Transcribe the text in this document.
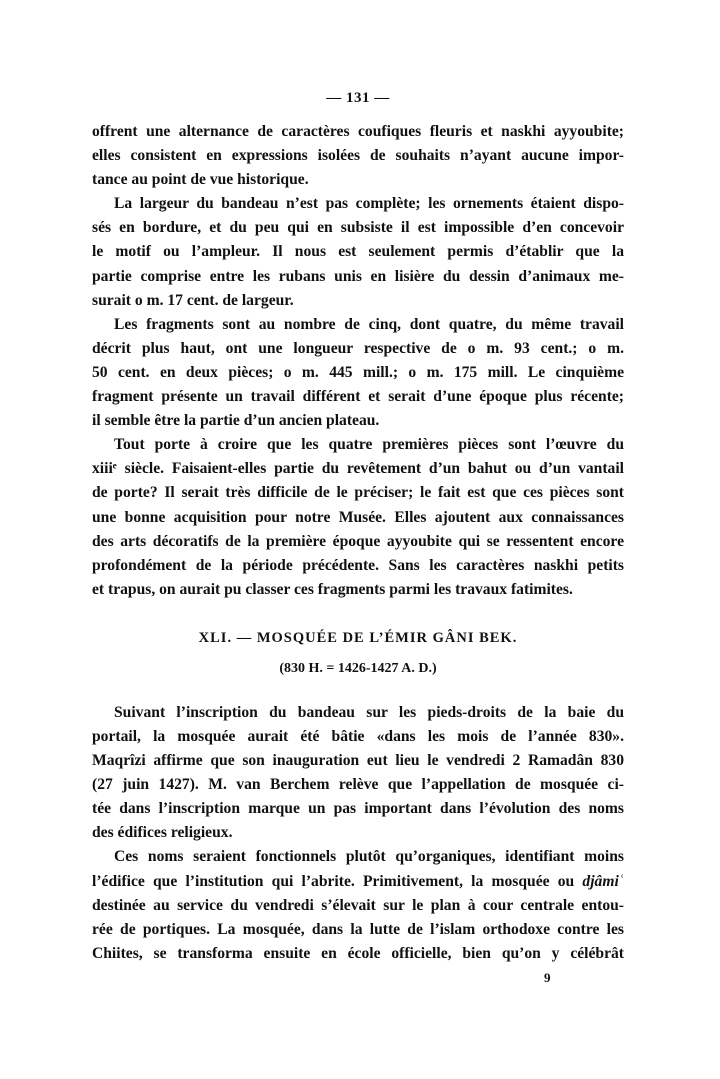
— 131 —

offrent une alternance de caractères coufiques fleuris et naskhi ayyoubite;
elles consistent en expressions isolées de souhaits n’ayant aucune impor-
tance au point de vue historique.

La largeur du bandeau n’est pas complète; les ornements étaient dispo-
sés en bordure, et du peu qui en subsiste il est impossible d’en concevoir
le motif ou l’ampleur. Il nous est seulement permis d’établir que la
partie comprise entre les rubans unis en lisière du dessin d’animaux me-
surait o m. 17 cent. de largeur.

Les fragments sont au nombre de cinq, dont quatre, du même travail
décrit plus haut, ont une longueur respective de o m. 93 cent.; o m.
50 cent. en deux pièces; o m. 445 mill.; o m. 175 mill. Le cinquième
fragment présente un travail différent et serait d’une époque plus récente;
il semble être la partie d’un ancien plateau.

Tout porte à croire que les quatre premières pièces sont l’œuvre du
xiiiᵉ siècle. Faisaient-elles partie du revêtement d’un bahut ou d’un vantail
de porte? Il serait très difficile de le préciser; le fait est que ces pièces sont
une bonne acquisition pour notre Musée. Elles ajoutent aux connaissances
des arts décoratifs de la première époque ayyoubite qui se ressentent encore
profondément de la période précédente. Sans les caractères naskhi petits
et trapus, on aurait pu classer ces fragments parmi les travaux fatimites.

XLI. — MOSQUÉE DE L’ÉMIR GÂNI BEK.
(830 H. = 1426-1427 A. D.)

Suivant l’inscription du bandeau sur les pieds-droits de la baie du
portail, la mosquée aurait été bâtie «dans les mois de l’année 830».
Maqrîzi affirme que son inauguration eut lieu le vendredi 2 Ramadân 830
(27 juin 1427). M. van Berchem relève que l’appellation de mosquée ci-
tée dans l’inscription marque un pas important dans l’évolution des noms
des édifices religieux.

Ces noms seraient fonctionnels plutôt qu’organiques, identifiant moins
l’édifice que l’institution qui l’abrite. Primitivement, la mosquée ou djâmiʿ
destinée au service du vendredi s’élevait sur le plan à cour centrale entou-
rée de portiques. La mosquée, dans la lutte de l’islam orthodoxe contre les
Chiites, se transforma ensuite en école officielle, bien qu’on y célébrât

9
